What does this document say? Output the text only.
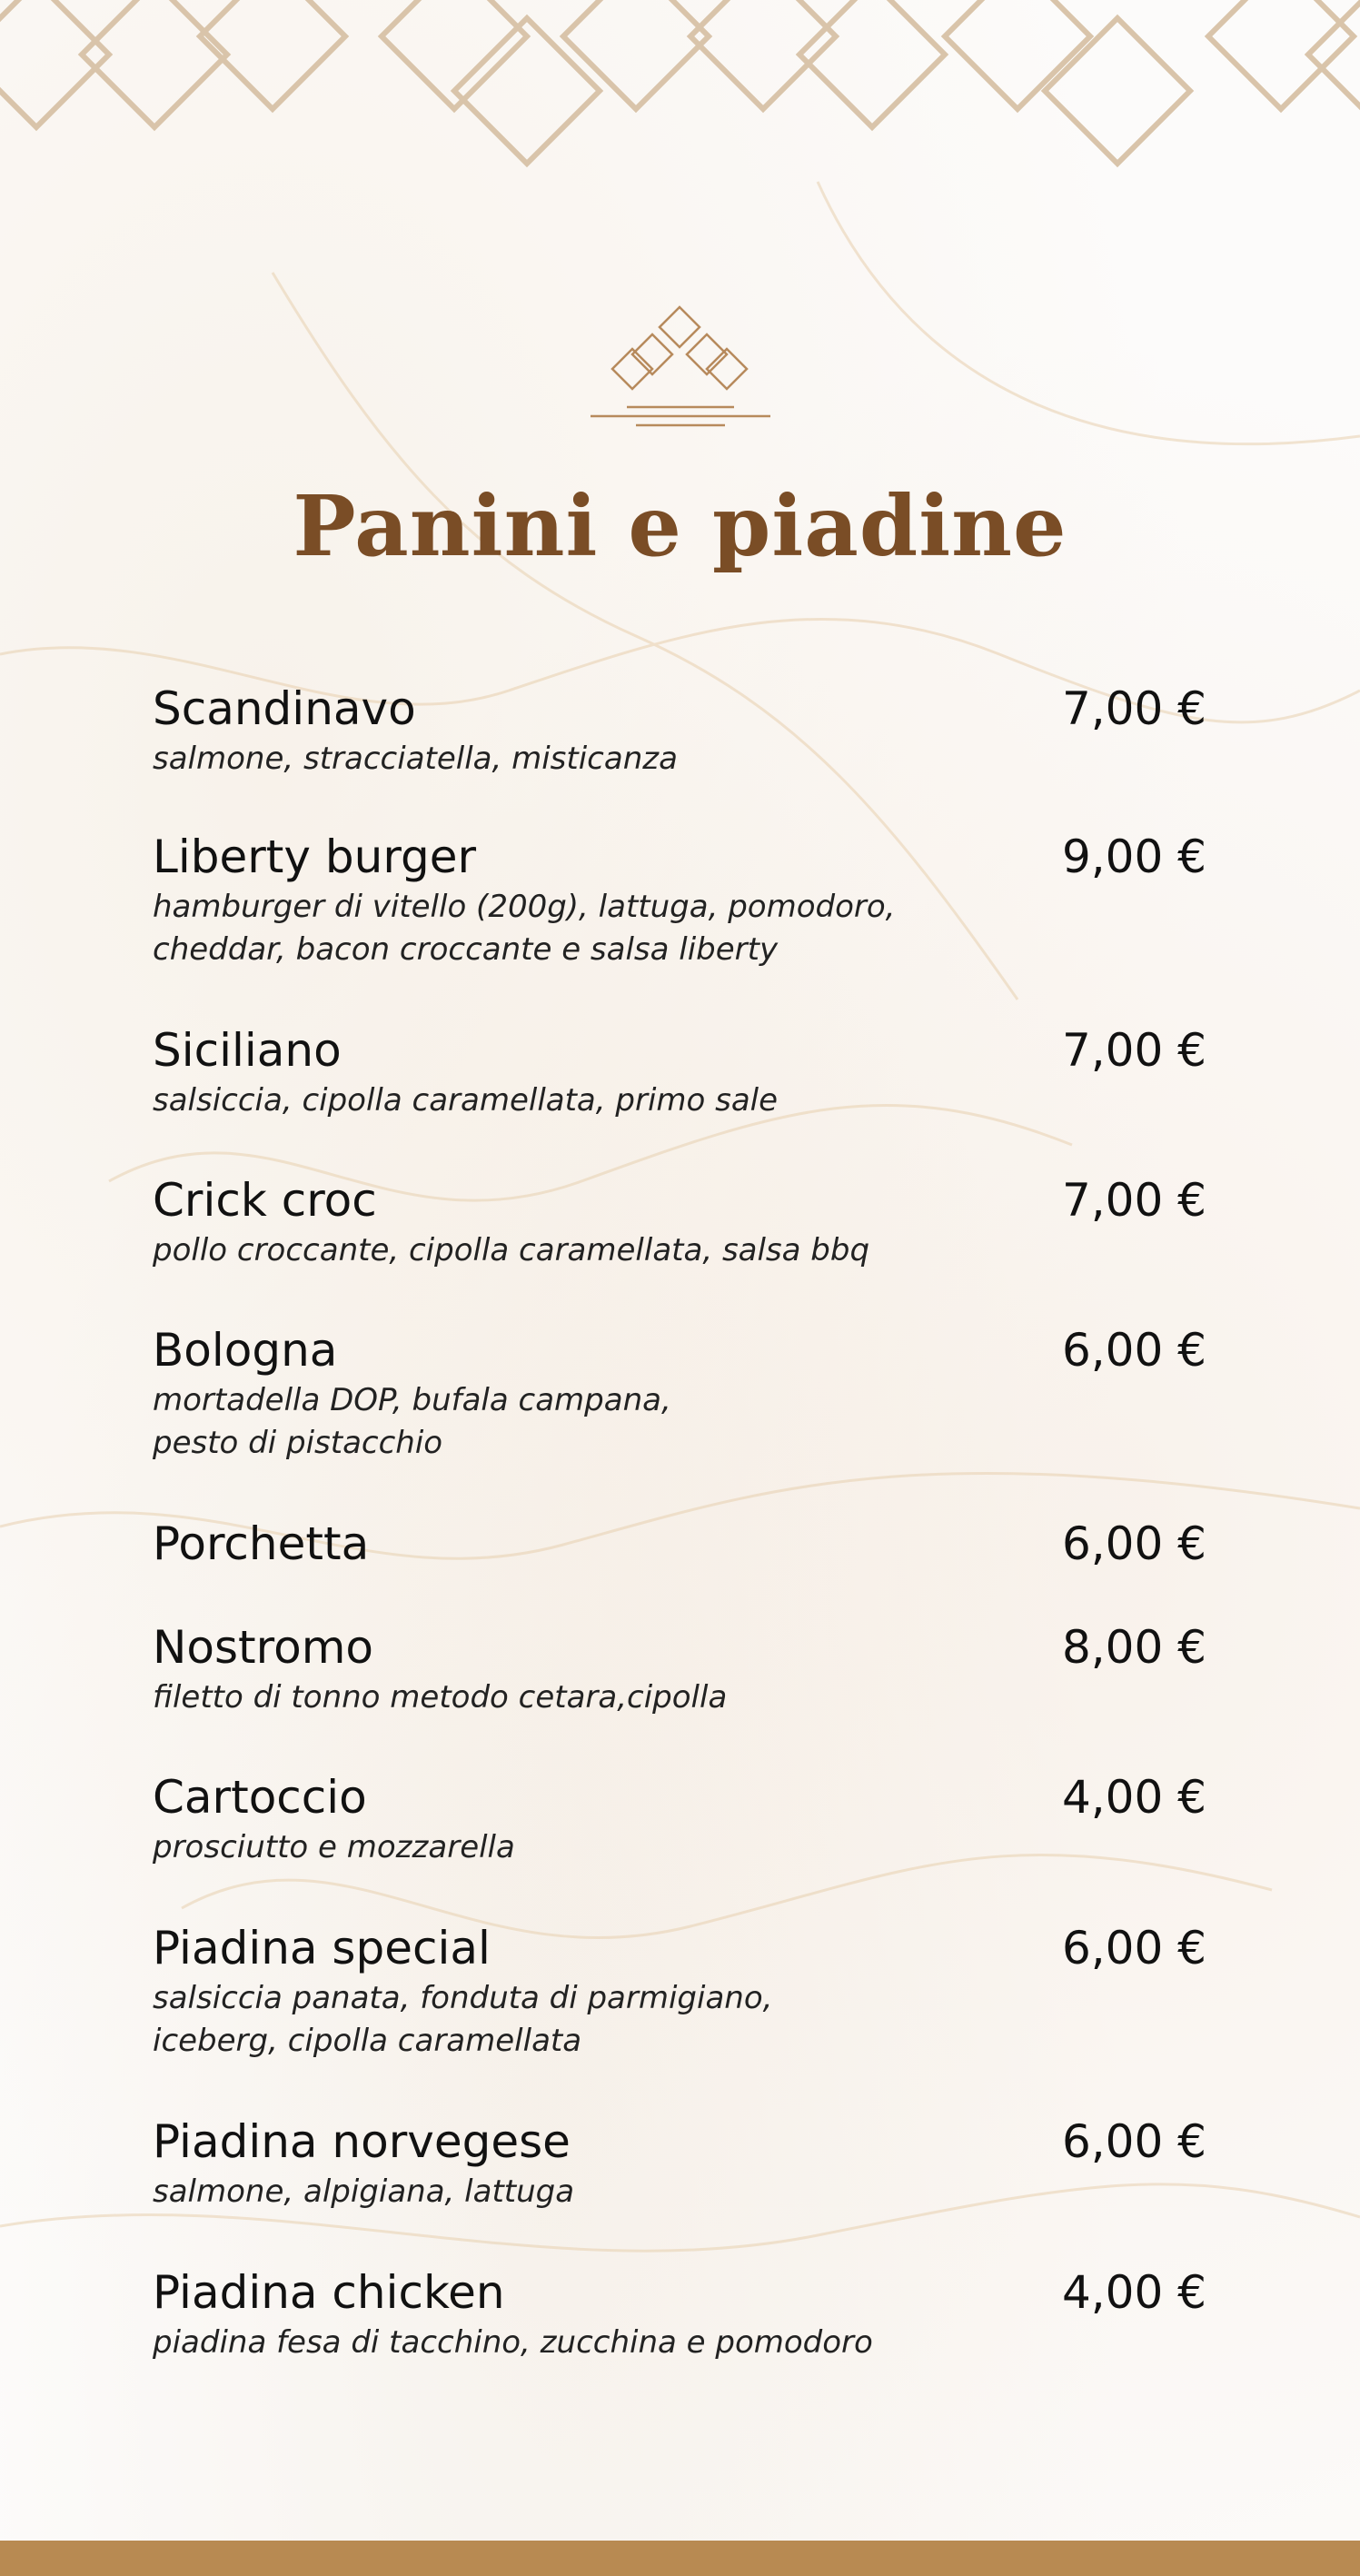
Panini e piadine
Scandinavo
salmone, stracciatella, misticanza
7,00 €
Liberty burger
hamburger di vitello (200g), lattuga, pomodoro,
cheddar, bacon croccante e salsa liberty
9,00 €
Siciliano
salsiccia, cipolla caramellata, primo sale
7,00 €
Crick croc
pollo croccante, cipolla caramellata, salsa bbq
7,00 €
Bologna
mortadella DOP, bufala campana,
pesto di pistacchio
6,00 €
Porchetta	6,00 €
Nostromo
filetto di tonno metodo cetara,cipolla
8,00 €
Cartoccio
prosciutto e mozzarella
4,00 €
Piadina special
salsiccia panata, fonduta di parmigiano,
iceberg, cipolla caramellata
6,00 €
Piadina norvegese
salmone, alpigiana, lattuga
6,00 €
Piadina chicken
piadina fesa di tacchino, zucchina e pomodoro
4,00 €
